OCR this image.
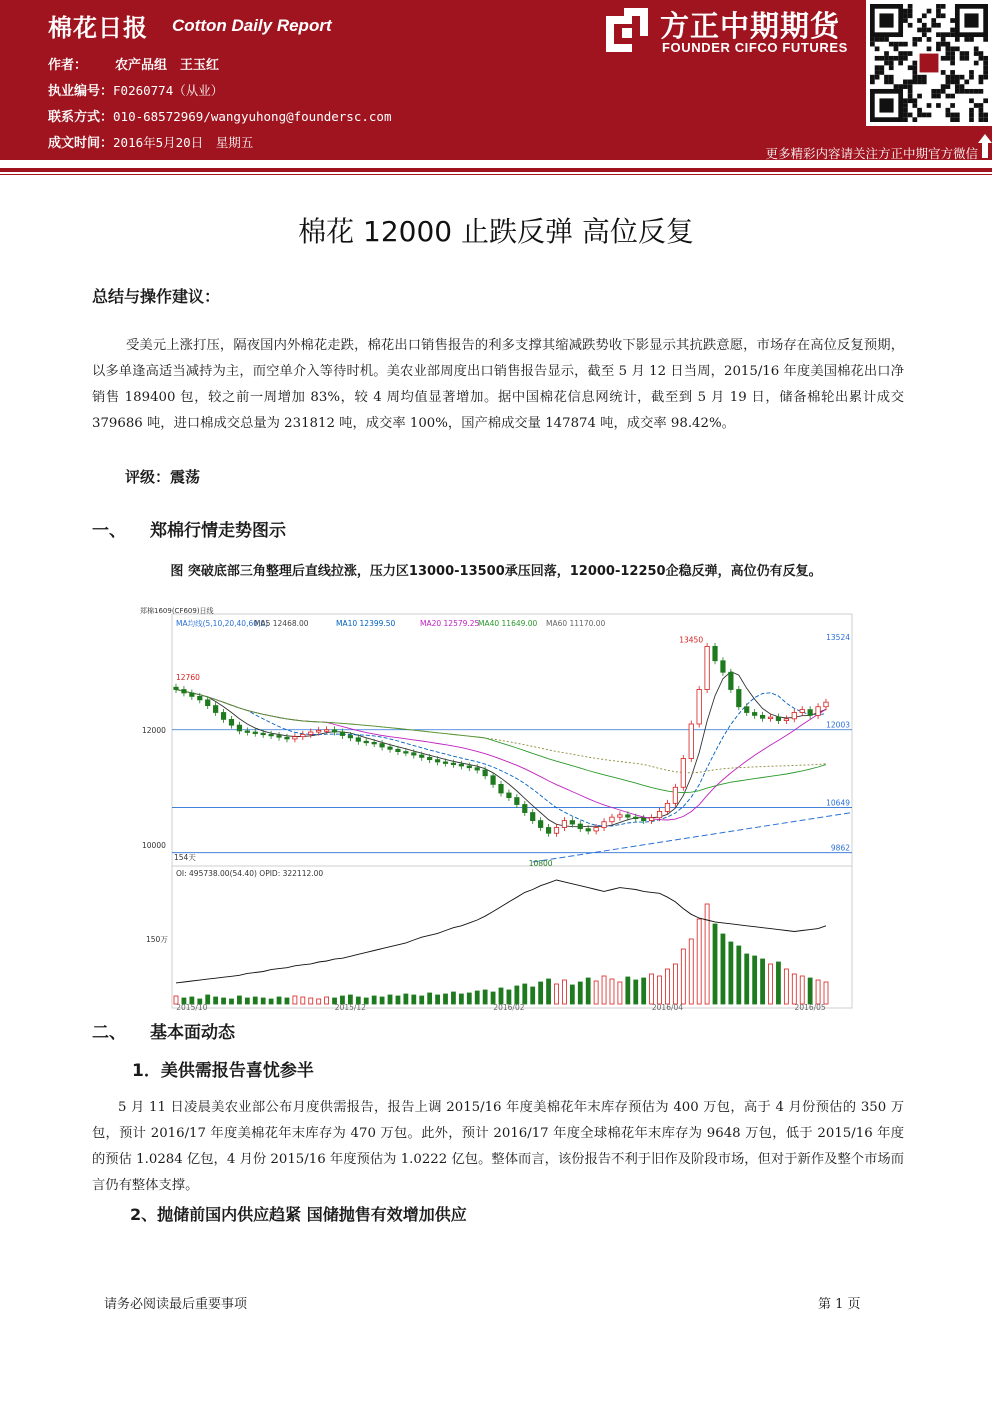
棉花日报 Cotton Daily Report
作者： 农产品组　王玉红
执业编号：F0260774（从业）
联系方式：010-68572969/wangyuhong@foundersc.com
成文时间：2016年5月20日　星期五
方正中期期货
FOUNDER CIFCO FUTURES
更多精彩内容请关注方正中期官方微信
棉花 12000 止跌反弹 高位反复
总结与操作建议：
受美元上涨打压，隔夜国内外棉花走跌，棉花出口销售报告的利多支撑其缩减跌势收下影显示其抗跌意愿，市场存在高位反复预期，以多单逢高适当减持为主，而空单介入等待时机。美农业部周度出口销售报告显示，截至 5 月 12 日当周，2015/16 年度美国棉花出口净销售 189400 包，较之前一周增加 83%，较 4 周均值显著增加。据中国棉花信息网统计，截至到 5 月 19 日，储备棉轮出累计成交 379686 吨，进口棉成交总量为 231812 吨，成交率 100%，国产棉成交量 147874 吨，成交率 98.42%。
评级：震荡
一、 郑棉行情走势图示
图 突破底部三角整理后直线拉涨，压力区13000-13500承压回落，12000-12250企稳反弹，高位仍有反复。
郑棉1609(CF609)日线
MA均线(5,10,20,40,60,0)
MA5 12468.00	MA10 12399.50	MA20 12579.25
MA40 11649.00 MA60 11170.00
OI: 495738.00(54.40) OPID: 322112.00
150万
12000
10000
13524
12003
10649
9862
13450
12760
10800
154天
2015/10	2015/12	2016/02	2016/04	2016/05
二、 基本面动态
1．美供需报告喜忧参半
5 月 11 日凌晨美农业部公布月度供需报告，报告上调 2015/16 年度美棉花年末库存预估为 400 万包，高于 4 月份预估的 350 万包，预计 2016/17 年度美棉花年末库存为 470 万包。此外，预计 2016/17 年度全球棉花年末库存为 9648 万包，低于 2015/16 年度的预估 1.0284 亿包，4 月份 2015/16 年度预估为 1.0222 亿包。整体而言，该份报告不利于旧作及阶段市场，但对于新作及整个市场而言仍有整体支撑。
2、抛储前国内供应趋紧 国储抛售有效增加供应
请务必阅读最后重要事项	第 1 页
